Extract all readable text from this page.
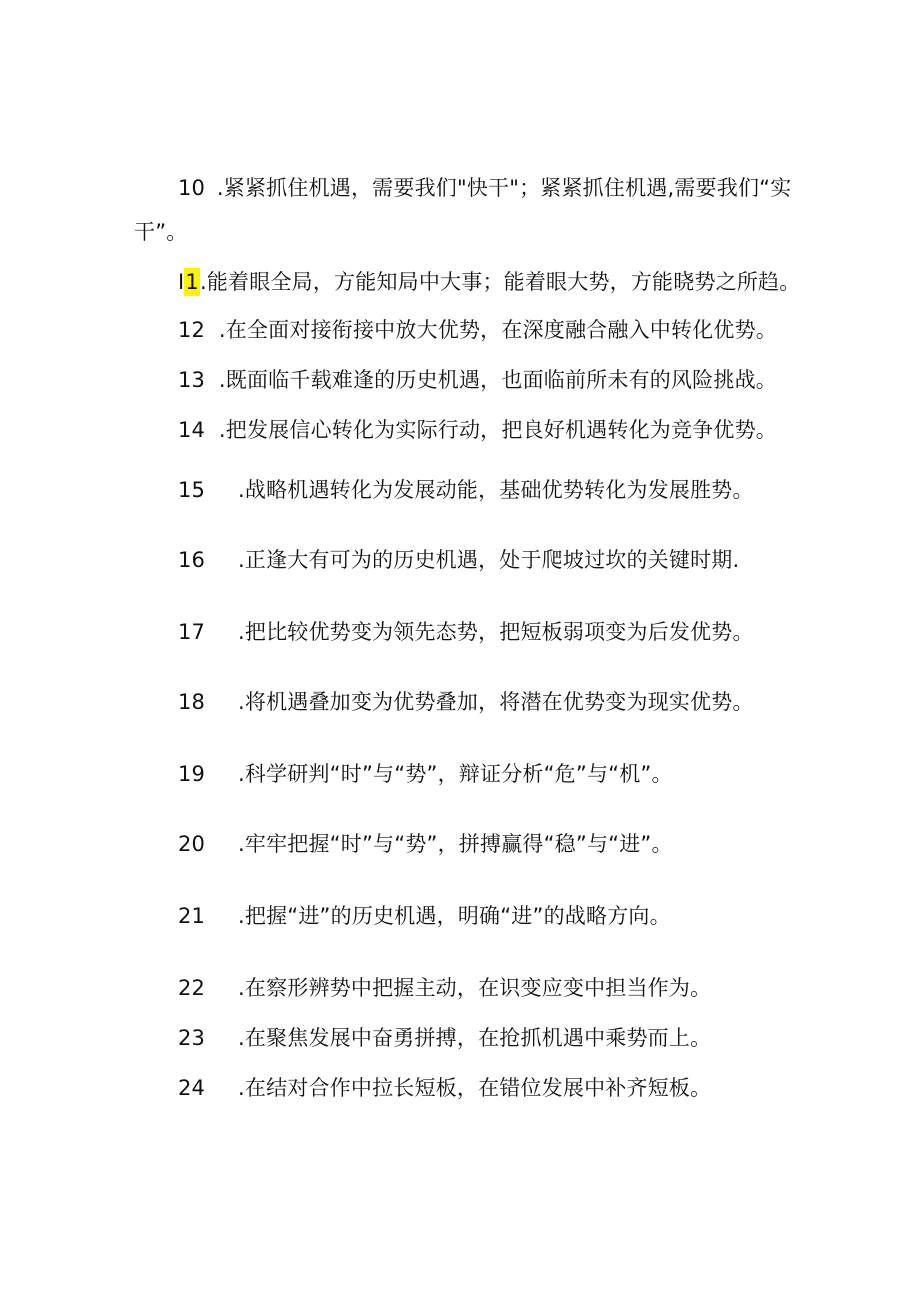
10 .紧紧抓住机遇，需要我们"快干"；紧紧抓住机遇,需要我们“实
干”。
I1.能着眼全局，方能知局中大事；能着眼大势，方能晓势之所趋。
12 .在全面对接衔接中放大优势，在深度融合融入中转化优势。
13 .既面临千载难逢的历史机遇，也面临前所未有的风险挑战。
14 .把发展信心转化为实际行动，把良好机遇转化为竞争优势。
15 .战略机遇转化为发展动能，基础优势转化为发展胜势。
16 .正逢大有可为的历史机遇，处于爬坡过坎的关键时期.
17 .把比较优势变为领先态势，把短板弱项变为后发优势。
18 .将机遇叠加变为优势叠加，将潜在优势变为现实优势。
19 .科学研判“时”与“势”，辩证分析“危”与“机”。
20 .牢牢把握“时”与“势”，拼搏赢得“稳”与“进”。
21 .把握“进”的历史机遇，明确“进”的战略方向。
22 .在察形辨势中把握主动，在识变应变中担当作为。
23 .在聚焦发展中奋勇拼搏，在抢抓机遇中乘势而上。
24 .在结对合作中拉长短板，在错位发展中补齐短板。
